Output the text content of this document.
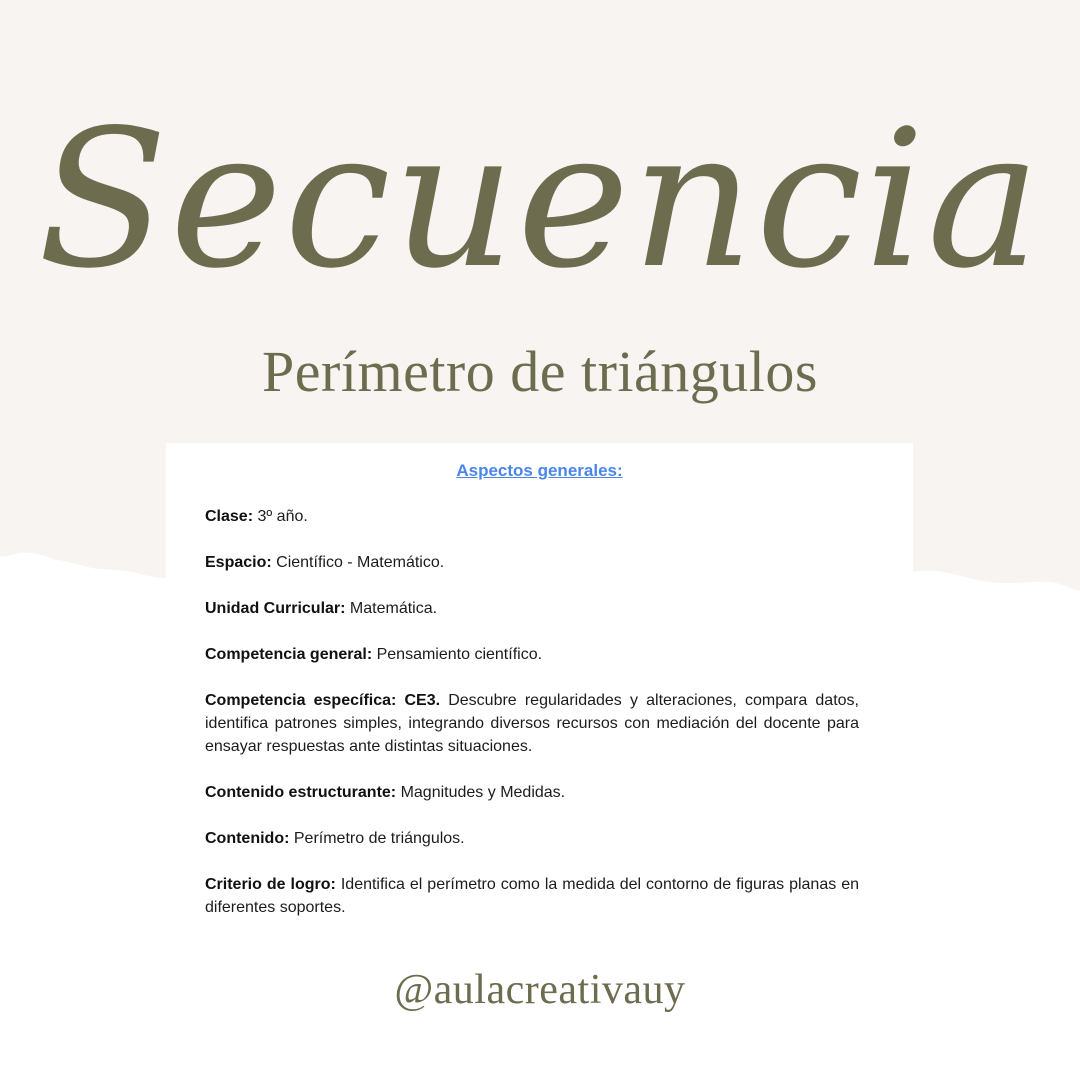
Secuencia
Perímetro de triángulos
Aspectos generales:

Clase: 3º año.

Espacio: Científico - Matemático.

Unidad Curricular: Matemática.

Competencia general: Pensamiento científico.

Competencia específica: CE3. Descubre regularidades y alteraciones, compara datos, identifica patrones simples, integrando diversos recursos con mediación del docente para ensayar respuestas ante distintas situaciones.

Contenido estructurante: Magnitudes y Medidas.

Contenido: Perímetro de triángulos.

Criterio de logro: Identifica el perímetro como la medida del contorno de figuras planas en diferentes soportes.

@aulacreativauy
